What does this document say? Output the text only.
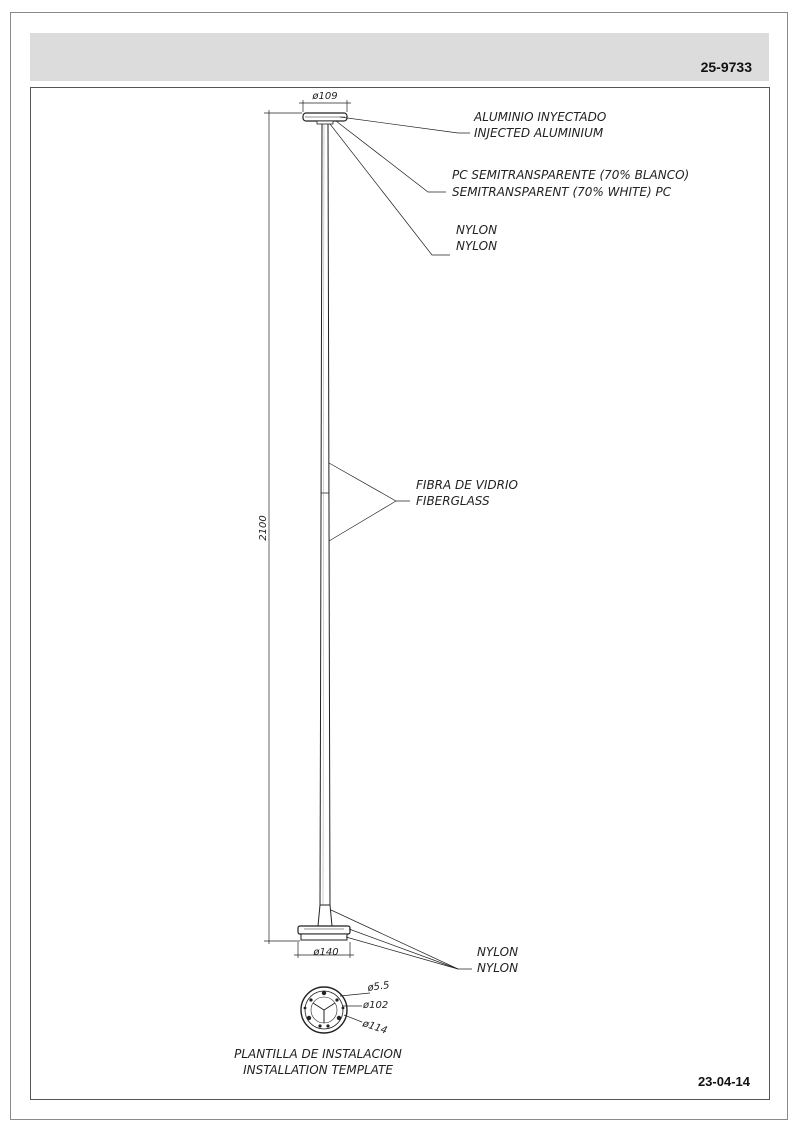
25-9733
23-04-14
ø109
ø140
2100
ALUMINIO INYECTADO
INJECTED ALUMINIUM
PC SEMITRANSPARENTE (70% BLANCO)
SEMITRANSPARENT (70% WHITE) PC
NYLON
NYLON
FIBRA DE VIDRIO
FIBERGLASS
NYLON
NYLON
ø5.5
ø102
ø114
PLANTILLA DE INSTALACION
INSTALLATION TEMPLATE
